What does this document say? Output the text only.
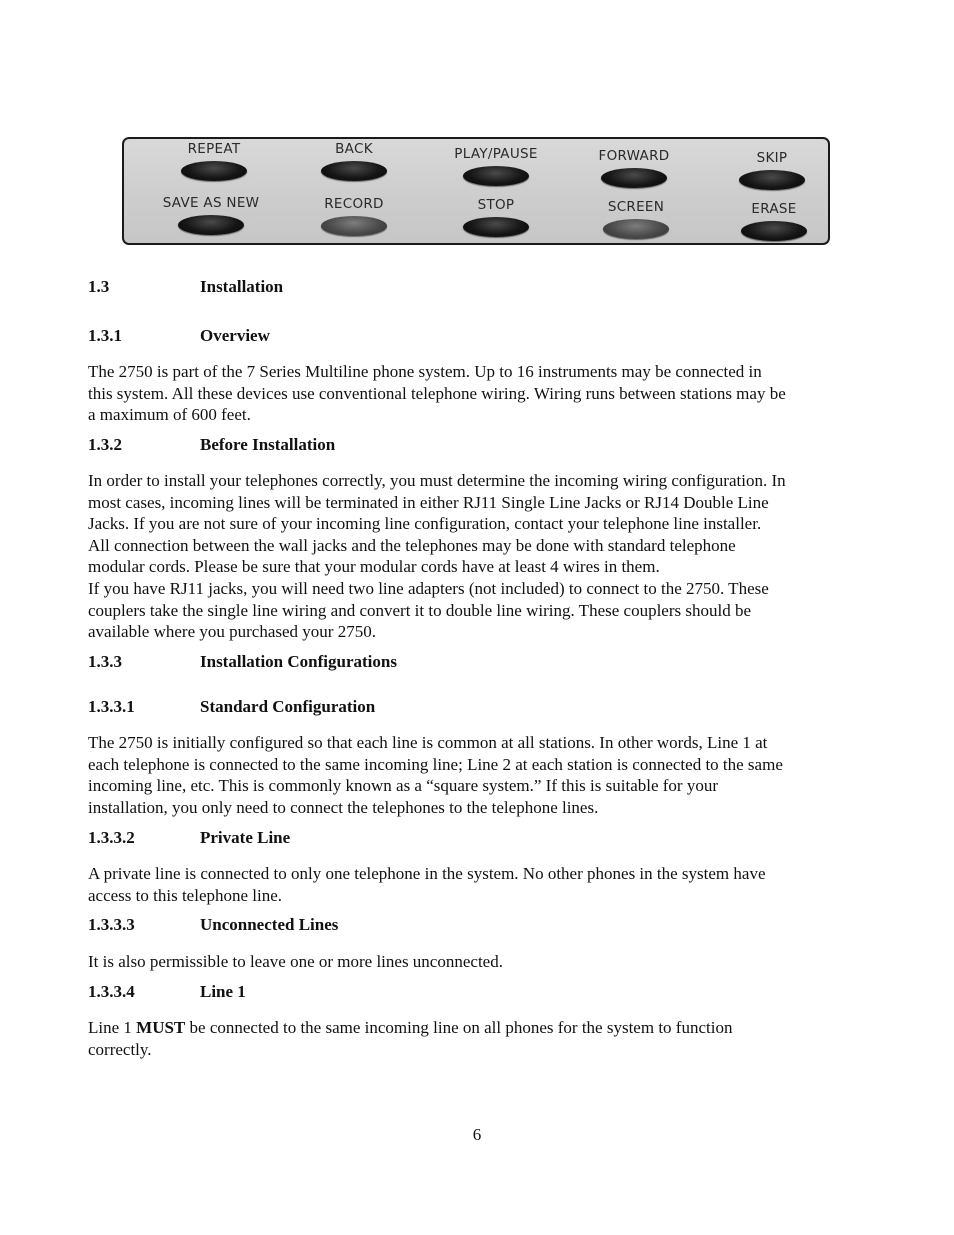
REPEAT	BACK	PLAY/PAUSE	FORWARD	SKIP
SAVE AS NEW	RECORD	STOP	SCREEN	ERASE

1.3	Installation

1.3.1	Overview

The 2750 is part of the 7 Series Multiline phone system. Up to 16 instruments may be connected in
this system. All these devices use conventional telephone wiring. Wiring runs between stations may be
a maximum of 600 feet.

1.3.2	Before Installation

In order to install your telephones correctly, you must determine the incoming wiring configuration. In
most cases, incoming lines will be terminated in either RJ11 Single Line Jacks or RJ14 Double Line
Jacks. If you are not sure of your incoming line configuration, contact your telephone line installer.
All connection between the wall jacks and the telephones may be done with standard telephone
modular cords. Please be sure that your modular cords have at least 4 wires in them.
If you have RJ11 jacks, you will need two line adapters (not included) to connect to the 2750. These
couplers take the single line wiring and convert it to double line wiring. These couplers should be
available where you purchased your 2750.

1.3.3	Installation Configurations

1.3.3.1	Standard Configuration

The 2750 is initially configured so that each line is common at all stations. In other words, Line 1 at
each telephone is connected to the same incoming line; Line 2 at each station is connected to the same
incoming line, etc. This is commonly known as a “square system.” If this is suitable for your
installation, you only need to connect the telephones to the telephone lines.

1.3.3.2	Private Line

A private line is connected to only one telephone in the system. No other phones in the system have
access to this telephone line.

1.3.3.3	Unconnected Lines

It is also permissible to leave one or more lines unconnected.

1.3.3.4	Line 1

Line 1 MUST be connected to the same incoming line on all phones for the system to function
correctly.

6
